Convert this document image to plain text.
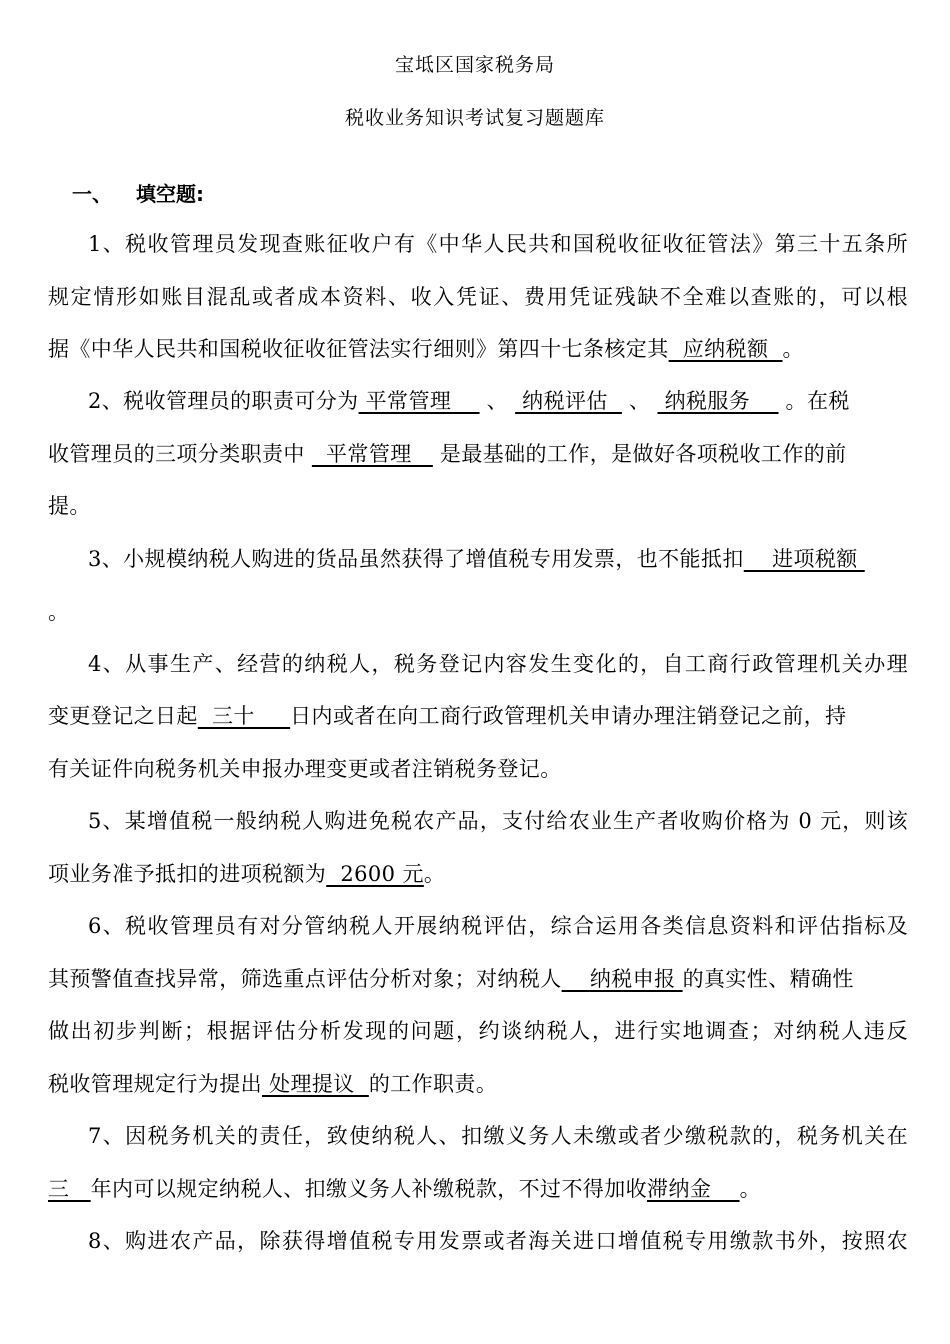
宝坻区国家税务局
税收业务知识考试复习题题库
一、 填空题:
1、税收管理员发现查账征收户有《中华人民共和国税收征收征管法》第三十五条所
规定情形如账目混乱或者成本资料、收入凭证、费用凭证残缺不全难以查账的，可以根
据《中华人民共和国税收征收征管法实行细则》第四十七条核定其  应纳税额  。
2、税收管理员的职责可分为 平常管理     、  纳税评估   、  纳税服务     。在税
收管理员的三项分类职责中   平常管理    是最基础的工作，是做好各项税收工作的前
提。
3、小规模纳税人购进的货品虽然获得了增值税专用发票，也不能抵扣    进项税额
。
4、从事生产、经营的纳税人，税务登记内容发生变化的，自工商行政管理机关办理
变更登记之日起  三十     日内或者在向工商行政管理机关申请办理注销登记之前，持
有关证件向税务机关申报办理变更或者注销税务登记。
5、某增值税一般纳税人购进免税农产品，支付给农业生产者收购价格为 0 元，则该
项业务准予抵扣的进项税额为  2600 元。
6、税收管理员有对分管纳税人开展纳税评估，综合运用各类信息资料和评估指标及
其预警值查找异常，筛选重点评估分析对象；对纳税人    纳税申报 的真实性、精确性
做出初步判断；根据评估分析发现的问题，约谈纳税人，进行实地调查；对纳税人违反
税收管理规定行为提出 处理提议  的工作职责。
7、因税务机关的责任，致使纳税人、扣缴义务人未缴或者少缴税款的，税务机关在
三   年内可以规定纳税人、扣缴义务人补缴税款，不过不得加收滞纳金    。
8、购进农产品，除获得增值税专用发票或者海关进口增值税专用缴款书外，按照农
